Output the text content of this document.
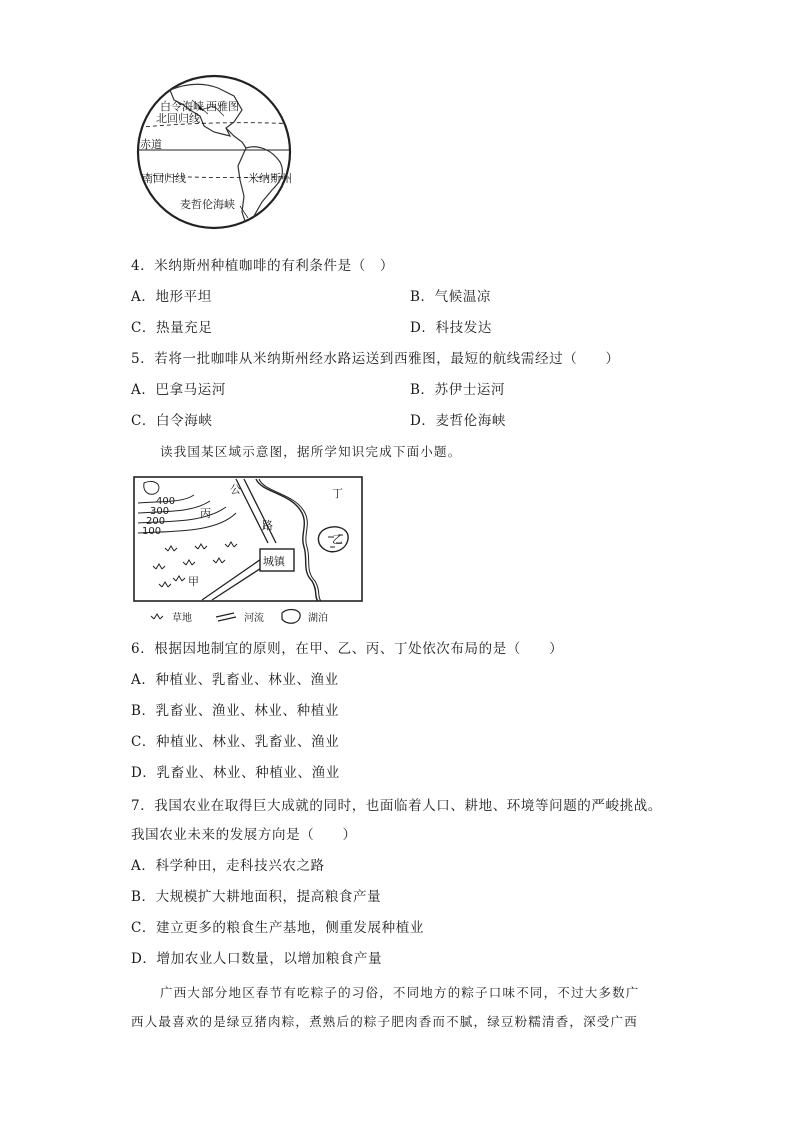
白令海峡 西雅图
北回归线
赤道
南回归线	米纳斯州
麦哲伦海峡
4．米纳斯州种植咖啡的有利条件是（　）
A．地形平坦	B．气候温凉
C．热量充足	D．科技发达
5．若将一批咖啡从米纳斯州经水路运送到西雅图，最短的航线需经过（　　）
A．巴拿马运河	B．苏伊士运河
C．白令海峡	D．麦哲伦海峡
读我国某区域示意图，据所学知识完成下面小题。
400
300
200
100
丙
甲
乙
丁
城镇
公
路
草地	河流	湖泊
6．根据因地制宜的原则，在甲、乙、丙、丁处依次布局的是（　　）
A．种植业、乳畜业、林业、渔业
B．乳畜业、渔业、林业、种植业
C．种植业、林业、乳畜业、渔业
D．乳畜业、林业、种植业、渔业
7．我国农业在取得巨大成就的同时，也面临着人口、耕地、环境等问题的严峻挑战。
我国农业未来的发展方向是（　　）
A．科学种田，走科技兴农之路
B．大规模扩大耕地面积，提高粮食产量
C．建立更多的粮食生产基地，侧重发展种植业
D．增加农业人口数量，以增加粮食产量
广西大部分地区春节有吃粽子的习俗，不同地方的粽子口味不同，不过大多数广
西人最喜欢的是绿豆猪肉粽，煮熟后的粽子肥肉香而不腻，绿豆粉糯清香，深受广西
